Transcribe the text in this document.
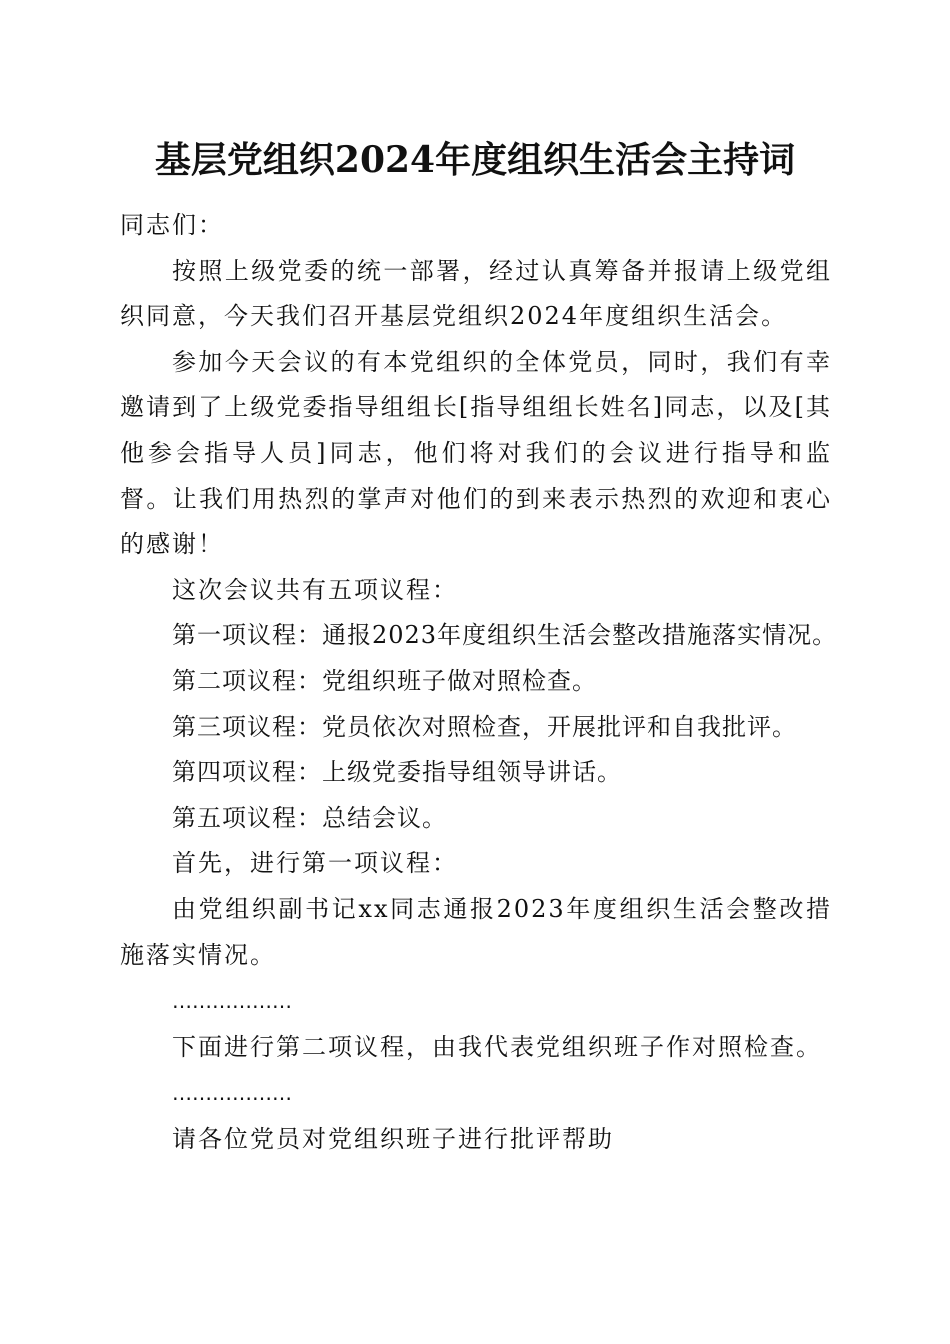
基层党组织2024年度组织生活会主持词

同志们：

按照上级党委的统一部署，经过认真筹备并报请上级党组织同意，今天我们召开基层党组织2024年度组织生活会。

参加今天会议的有本党组织的全体党员，同时，我们有幸邀请到了上级党委指导组组长[指导组组长姓名]同志，以及[其他参会指导人员]同志，他们将对我们的会议进行指导和监督。让我们用热烈的掌声对他们的到来表示热烈的欢迎和衷心的感谢！

这次会议共有五项议程：

第一项议程：通报2023年度组织生活会整改措施落实情况。

第二项议程：党组织班子做对照检查。

第三项议程：党员依次对照检查，开展批评和自我批评。

第四项议程：上级党委指导组领导讲话。

第五项议程：总结会议。

首先，进行第一项议程：

由党组织副书记xx同志通报2023年度组织生活会整改措施落实情况。

………………

下面进行第二项议程，由我代表党组织班子作对照检查。

………………

请各位党员对党组织班子进行批评帮助
